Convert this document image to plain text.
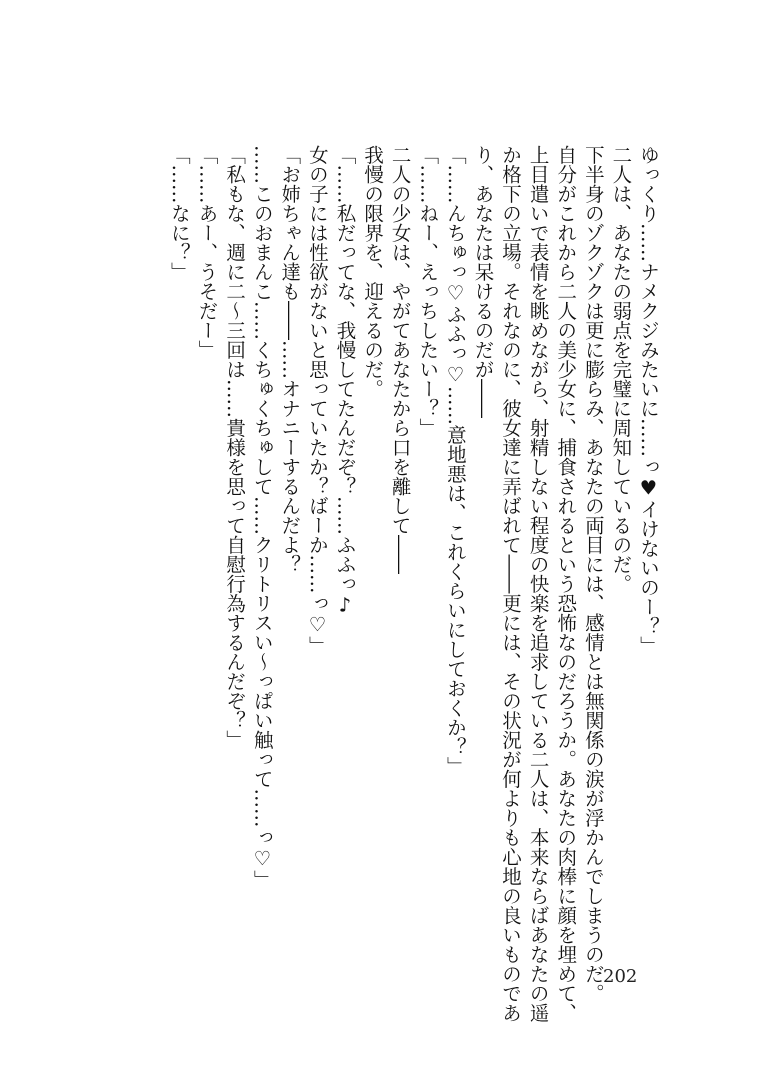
ゆっくり……ナメクジみたいに……っ♥イけないのー？」

二人は、あなたの弱点を完璧に周知しているのだ。

下半身のゾクゾクは更に膨らみ、あなたの両目には、感情とは無関係の涙が浮かんでしまうのだ。

自分がこれから二人の美少女に、捕食されるという恐怖なのだろうか。あなたの肉棒に顔を埋めて、

上目遣いで表情を眺めながら、射精しない程度の快楽を追求している二人は、本来ならばあなたの遥

か格下の立場。それなのに、彼女達に弄ばれて――更には、その状況が何よりも心地の良いものであ

り、あなたは呆けるのだが――

「……んちゅっ♡ふふっ♡……意地悪は、これくらいにしておくか？」

「……ねー、えっちしたいー？」

二人の少女は、やがてあなたから口を離して――

我慢の限界を、迎えるのだ。

「……私だってな、我慢してたんだぞ？……ふふっ♪

女の子には性欲がないと思っていたか？ばーか……っ♡」

「お姉ちゃん達も――……オナニーするんだよ？

……このおまんこ……くちゅくちゅして……クリトリスい～っぱい触って……っ♡」

「私もな、週に二～三回は……貴様を思って自慰行為するんだぞ？」

「……あー、うそだー」

「……なに？」

202
